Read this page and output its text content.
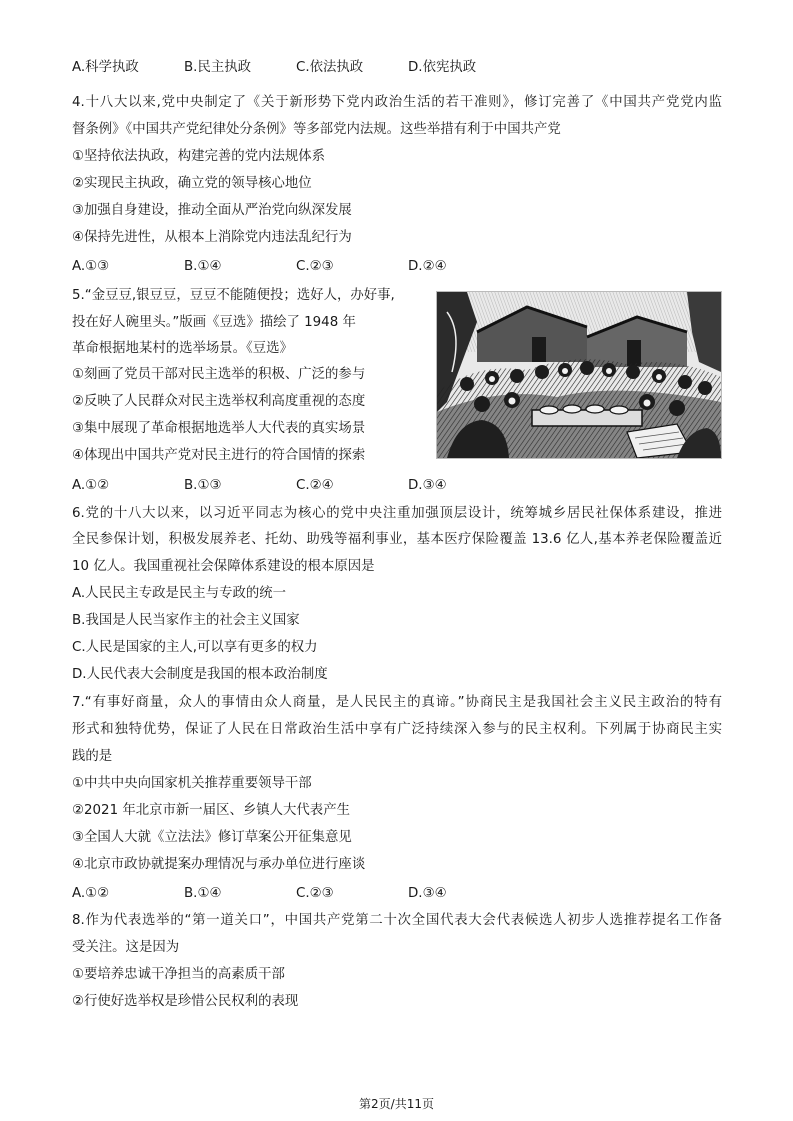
A.科学执政	B.民主执政	C.依法执政	D.依宪执政
4.十八大以来,党中央制定了《关于新形势下党内政治生活的若干准则》，修订完善了《中国共产党党内监
督条例》《中国共产党纪律处分条例》等多部党内法规。这些举措有利于中国共产党
①坚持依法执政，构建完善的党内法规体系
②实现民主执政，确立党的领导核心地位
③加强自身建设，推动全面从严治党向纵深发展
④保持先进性，从根本上消除党内违法乱纪行为
A.①③	B.①④	C.②③	D.②④
5.“金豆豆,银豆豆，豆豆不能随便投；选好人，办好事,
投在好人碗里头。”版画《豆选》描绘了 1948 年
革命根据地某村的选举场景。《豆选》
①刻画了党员干部对民主选举的积极、广泛的参与
②反映了人民群众对民主选举权利高度重视的态度
③集中展现了革命根据地选举人大代表的真实场景
④体现出中国共产党对民主进行的符合国情的探索
A.①②	B.①③	C.②④	D.③④
6.党的十八大以来，以习近平同志为核心的党中央注重加强顶层设计，统筹城乡居民社保体系建设，推进
全民参保计划，积极发展养老、托幼、助残等福利事业，基本医疗保险覆盖 13.6 亿人,基本养老保险覆盖近
10 亿人。我国重视社会保障体系建设的根本原因是
A.人民民主专政是民主与专政的统一
B.我国是人民当家作主的社会主义国家
C.人民是国家的主人,可以享有更多的权力
D.人民代表大会制度是我国的根本政治制度
7.“有事好商量，众人的事情由众人商量，是人民民主的真谛。”协商民主是我国社会主义民主政治的特有
形式和独特优势，保证了人民在日常政治生活中享有广泛持续深入参与的民主权利。下列属于协商民主实
践的是
①中共中央向国家机关推荐重要领导干部
②2021 年北京市新一届区、乡镇人大代表产生
③全国人大就《立法法》修订草案公开征集意见
④北京市政协就提案办理情况与承办单位进行座谈
A.①②	B.①④	C.②③	D.③④
8.作为代表选举的“第一道关口”，中国共产党第二十次全国代表大会代表候选人初步人选推荐提名工作备
受关注。这是因为
①要培养忠诚干净担当的高素质干部
②行使好选举权是珍惜公民权利的表现
第2页/共11页
